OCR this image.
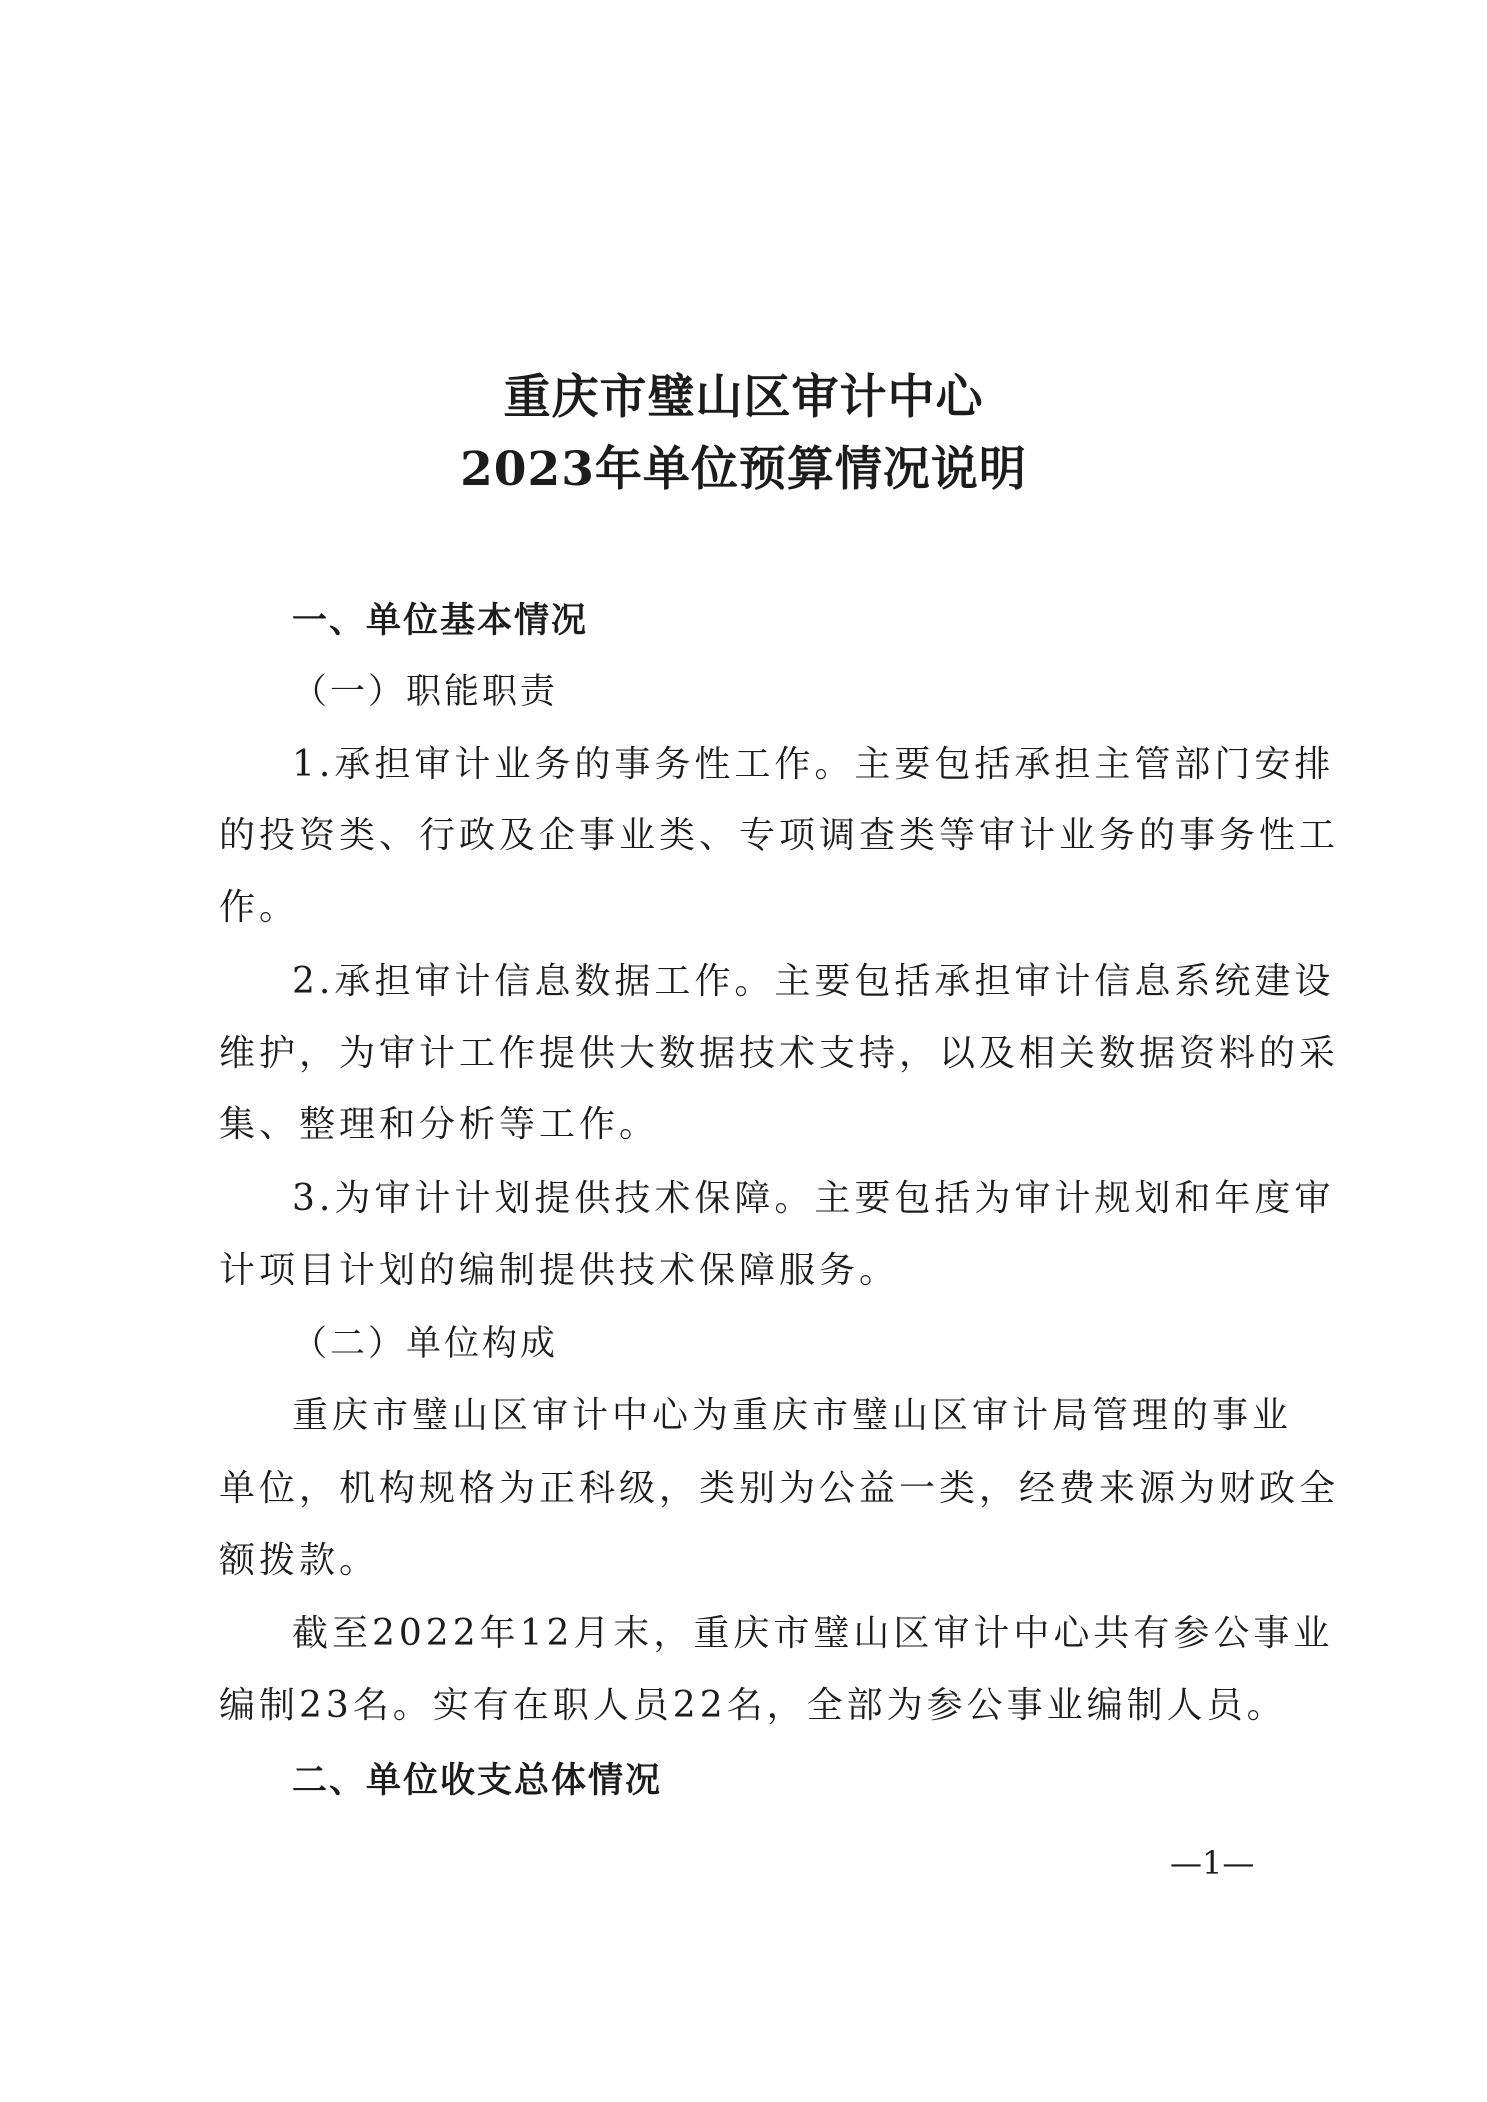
重庆市璧山区审计中心
2023年单位预算情况说明
一、单位基本情况
（一）职能职责
1.承担审计业务的事务性工作。主要包括承担主管部门安排
的投资类、行政及企事业类、专项调查类等审计业务的事务性工
作。
2.承担审计信息数据工作。主要包括承担审计信息系统建设
维护，为审计工作提供大数据技术支持，以及相关数据资料的采
集、整理和分析等工作。
3.为审计计划提供技术保障。主要包括为审计规划和年度审
计项目计划的编制提供技术保障服务。
（二）单位构成
重庆市璧山区审计中心为重庆市璧山区审计局管理的事业
单位，机构规格为正科级，类别为公益一类，经费来源为财政全
额拨款。
截至2022年12月末，重庆市璧山区审计中心共有参公事业
编制23名。实有在职人员22名，全部为参公事业编制人员。
二、单位收支总体情况
—1—
